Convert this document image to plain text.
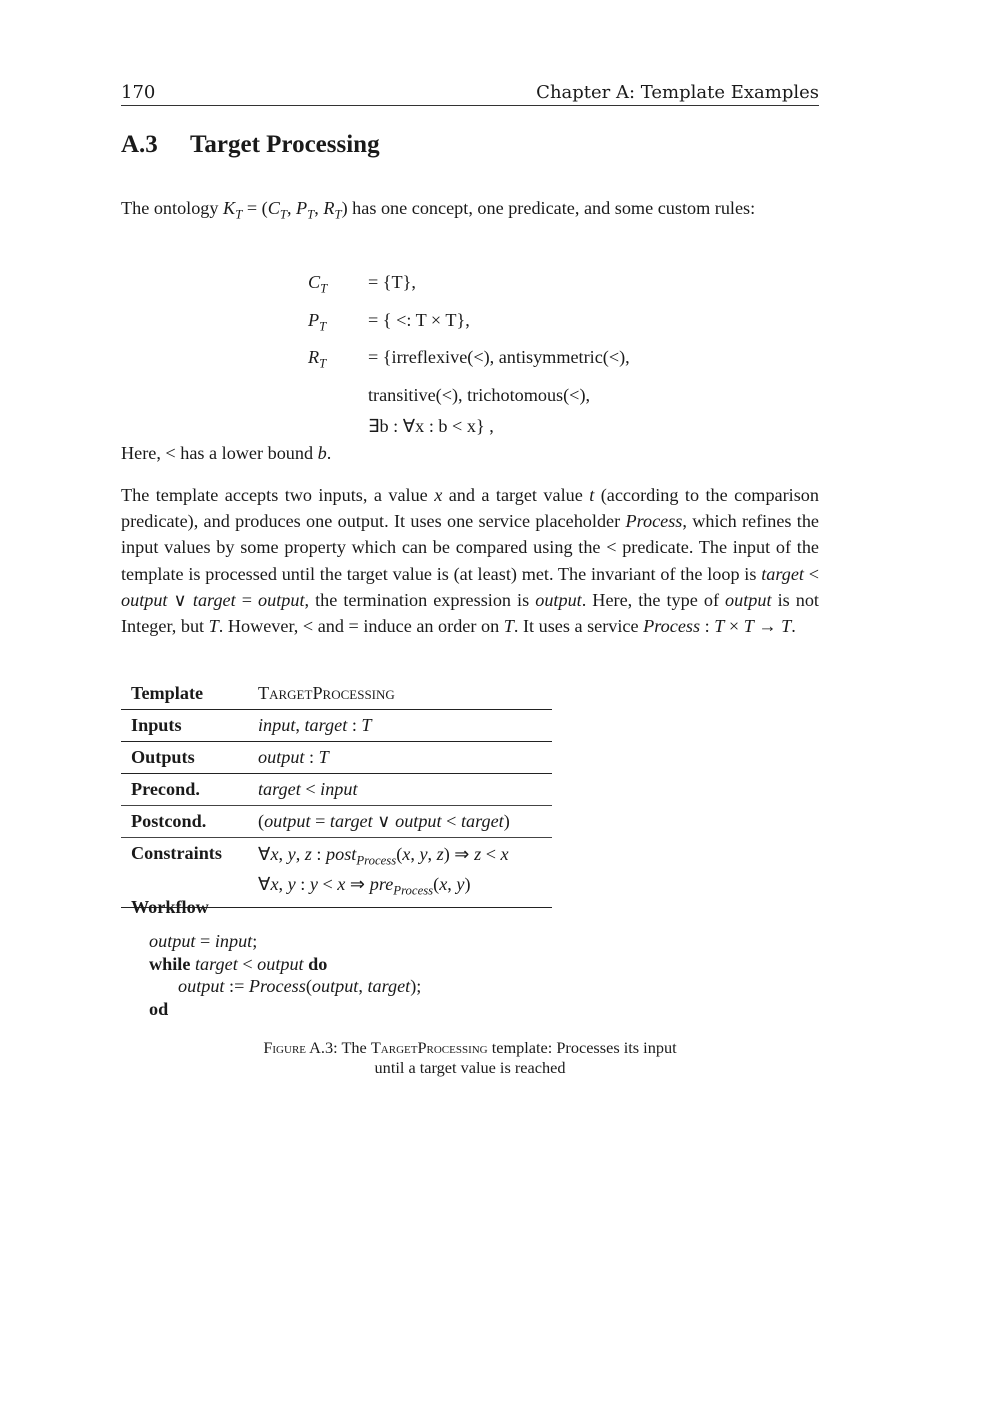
170	Chapter A: Template Examples
A.3 Target Processing

The ontology $K_T = (C_T$, $P_T$, $R_T$) has one concept, one predicate, and some custom rules:

$C_T = \{T\}$,
$P_T$ = { <: T × T},
$R_T$ = {irreflexive(<), antisymmetric(<),
transitive(<), trichotomous(<),
∃b : ∀x : b < x} ,

Here, < has a lower bound b.

The template accepts two inputs, a value x and a target value t (according to the comparison predicate), and produces one output. It uses one service placeholder Process, which refines the input values by some property which can be compared using the < predicate. The input of the template is processed until the target value is (at least) met. The invariant of the loop is target < output ∨ target = output, the termination expression is output. Here, the type of output is not Integer, but T. However, < and = induce an order on T. It uses a service Process : T × T → T.

Template	TargetProcessing
Inputs	input, target : T
Outputs	output : T
Precond.	target < input
Postcond.	(output = target ∨ output < target)
Constraints	∀x, y, z : post$_{Process}$(x, y, z) ⇒ z < x
∀x, y : y < x ⇒ pre$_{Process}$(x, y)
Workflow
output = input;
while target < output do
output := Process(output, target);
od
Figure A.3: The TargetProcessing template: Processes its input
until a target value is reached
